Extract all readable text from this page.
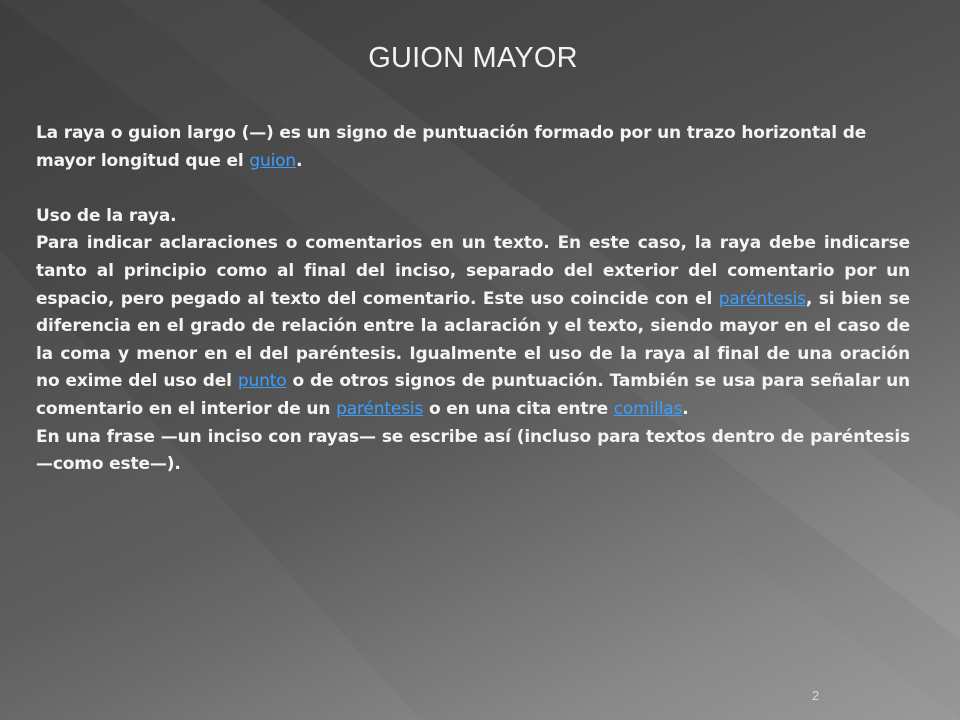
GUION MAYOR

La raya o guion largo (—) es un signo de puntuación formado por un trazo horizontal de mayor longitud que el guion.

Uso de la raya.

Para indicar aclaraciones o comentarios en un texto. En este caso, la raya debe indicarse tanto al principio como al final del inciso, separado del exterior del comentario por un espacio, pero pegado al texto del comentario. Este uso coincide con el paréntesis, si bien se diferencia en el grado de relación entre la aclaración y el texto, siendo mayor en el caso de la coma y menor en el del paréntesis. Igualmente el uso de la raya al final de una oración no exime del uso del punto o de otros signos de puntuación. También se usa para señalar un comentario en el interior de un paréntesis o en una cita entre comillas.

En una frase —un inciso con rayas— se escribe así (incluso para textos dentro de paréntesis —como este—).

2
